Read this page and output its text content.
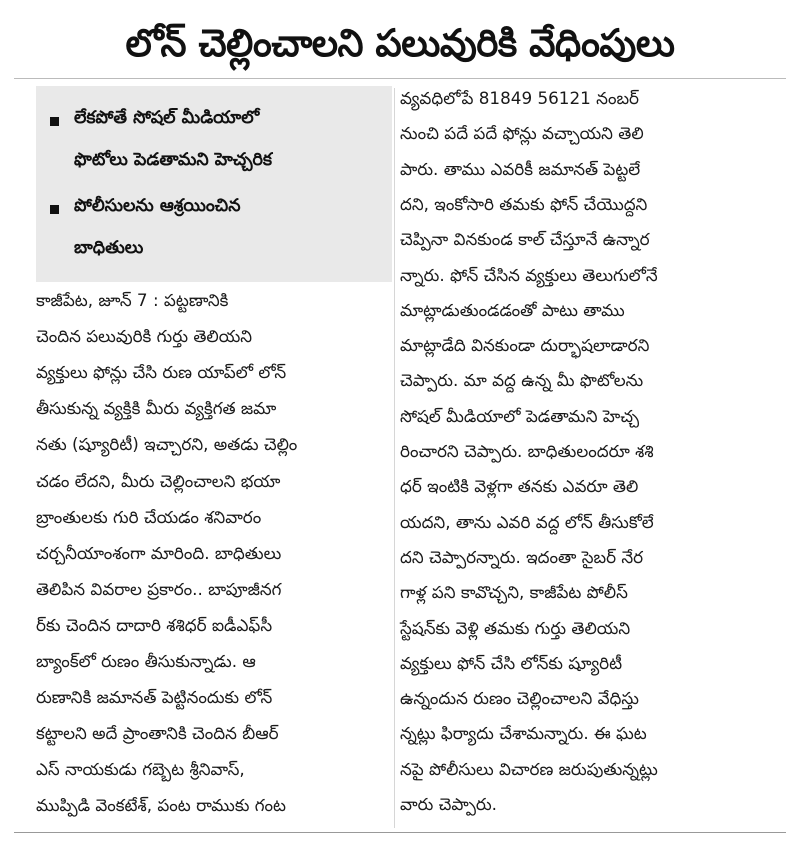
లోన్ చెల్లించాలని పలువురికి వేధింపులు
లేకపోతే సోషల్ మీడియాలో
ఫొటోలు పెడతామని హెచ్చరిక
పోలీసులను ఆశ్రయించిన
బాధితులు
కాజీపేట, జూన్ 7 : పట్టణానికి
చెందిన పలువురికి గుర్తు తెలియని
వ్యక్తులు ఫోన్లు చేసి రుణ యాప్‌లో లోన్
తీసుకున్న వ్యక్తికి మీరు వ్యక్తిగత జమా
నతు (ష్యూరిటీ) ఇచ్చారని, అతడు చెల్లిం
చడం లేదని, మీరు చెల్లించాలని భయా
బ్రాంతులకు గురి చేయడం శనివారం
చర్చనీయాంశంగా మారింది. బాధితులు
తెలిపిన వివరాల ప్రకారం.. బాపూజీనగ
ర్‌కు చెందిన దాదారి శశిధర్ ఐడీఎఫ్‌సీ
బ్యాంక్‌లో రుణం తీసుకున్నాడు. ఆ
రుణానికి జమానత్ పెట్టినందుకు లోన్
కట్టాలని అదే ప్రాంతానికి చెందిన బీఆర్
ఎస్ నాయకుడు గబ్బెట శ్రీనివాస్,
ముప్పిడి వెంకటేశ్, పంట రాముకు గంట
వ్యవధిలోపే 81849 56121 నంబర్
నుంచి పదే పదే ఫోన్లు వచ్చాయని తెలి
పారు. తాము ఎవరికీ జమానత్ పెట్టలే
దని, ఇంకోసారి తమకు ఫోన్ చేయొద్దని
చెప్పినా వినకుండ కాల్ చేస్తూనే ఉన్నార
న్నారు. ఫోన్ చేసిన వ్యక్తులు తెలుగులోనే
మాట్లాడుతుండడంతో పాటు తాము
మాట్లాడేది వినకుండా దుర్భాషలాడారని
చెప్పారు. మా వద్ద ఉన్న మీ ఫొటోలను
సోషల్ మీడియాలో పెడతామని హెచ్చ
రించారని చెప్పారు. బాధితులందరూ శశి
ధర్ ఇంటికి వెళ్లగా తనకు ఎవరూ తెలి
యదని, తాను ఎవరి వద్ద లోన్ తీసుకోలే
దని చెప్పారన్నారు. ఇదంతా సైబర్ నేర
గాళ్ల పని కావొచ్చని, కాజీపేట పోలీస్
స్టేషన్‌కు వెళ్లి తమకు గుర్తు తెలియని
వ్యక్తులు ఫోన్ చేసి లోన్‌కు ష్యూరిటీ
ఉన్నందున రుణం చెల్లించాలని వేధిస్తు
న్నట్లు ఫిర్యాదు చేశామన్నారు. ఈ ఘట
నపై పోలీసులు విచారణ జరుపుతున్నట్లు
వారు చెప్పారు.
